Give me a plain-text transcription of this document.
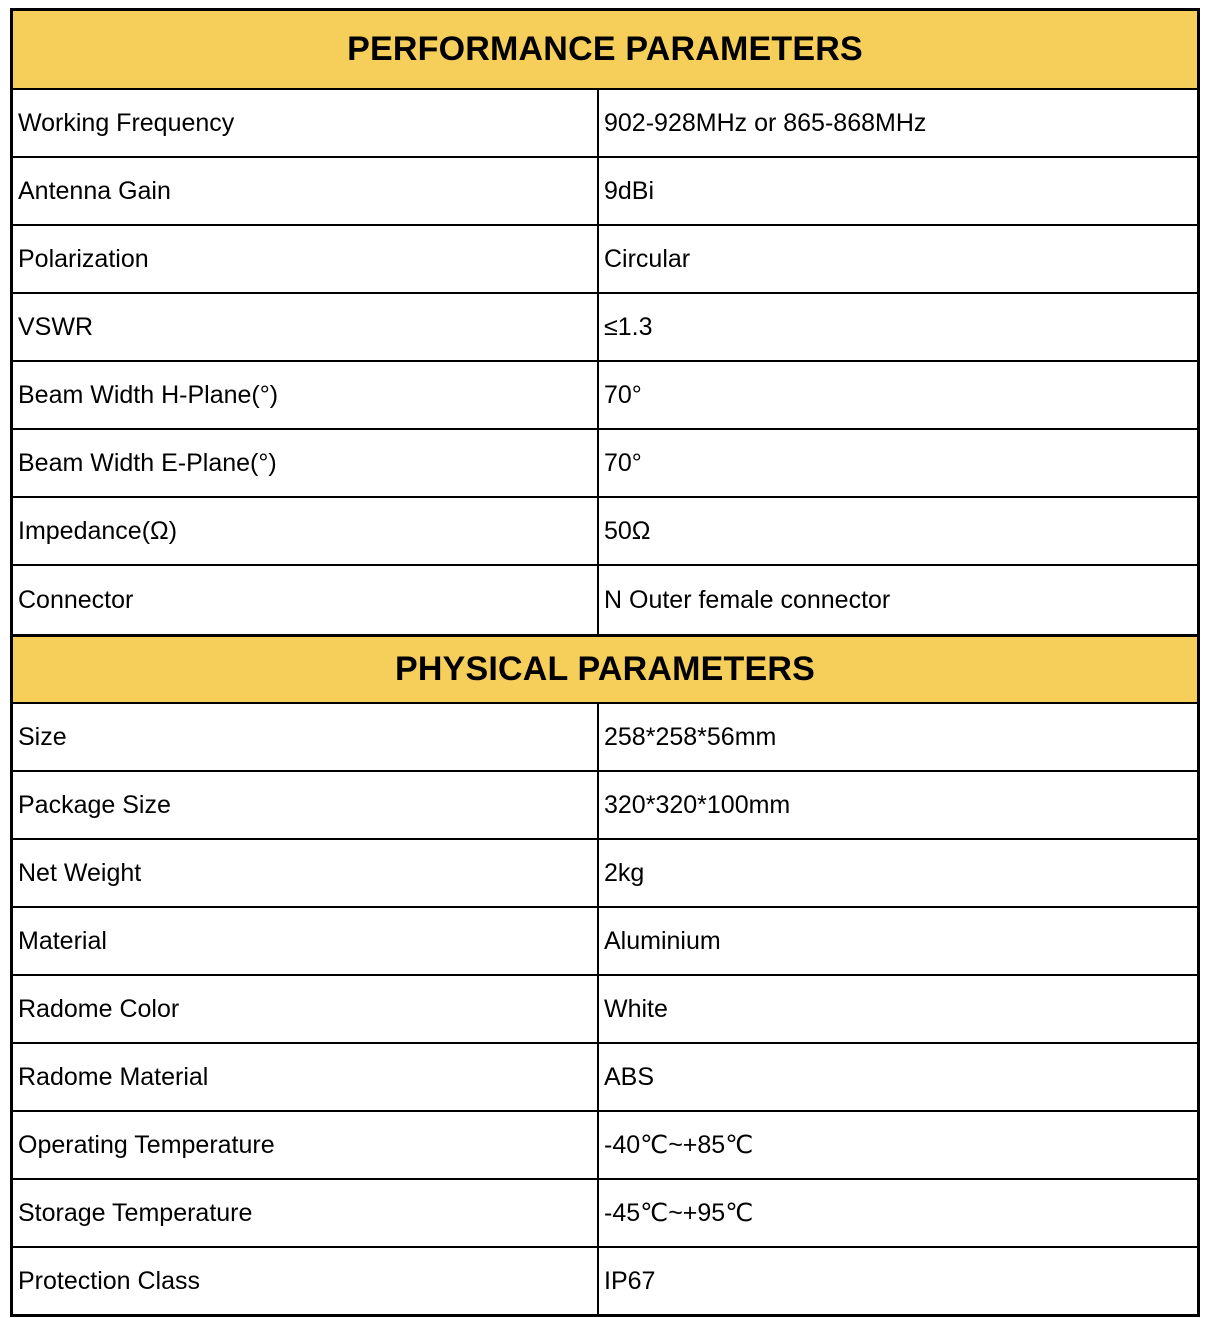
PERFORMANCE PARAMETERS
Working Frequency	902-928MHz or 865-868MHz
Antenna Gain	9dBi
Polarization	Circular
VSWR	≤1.3
Beam Width H-Plane(°)	70°
Beam Width E-Plane(°)	70°
Impedance(Ω)	50Ω
Connector	N Outer female connector
PHYSICAL PARAMETERS
Size	258*258*56mm
Package Size	320*320*100mm
Net Weight	2kg
Material	Aluminium
Radome Color	White
Radome Material	ABS
Operating Temperature	-40℃~+85℃
Storage Temperature	-45℃~+95℃
Protection Class	IP67
